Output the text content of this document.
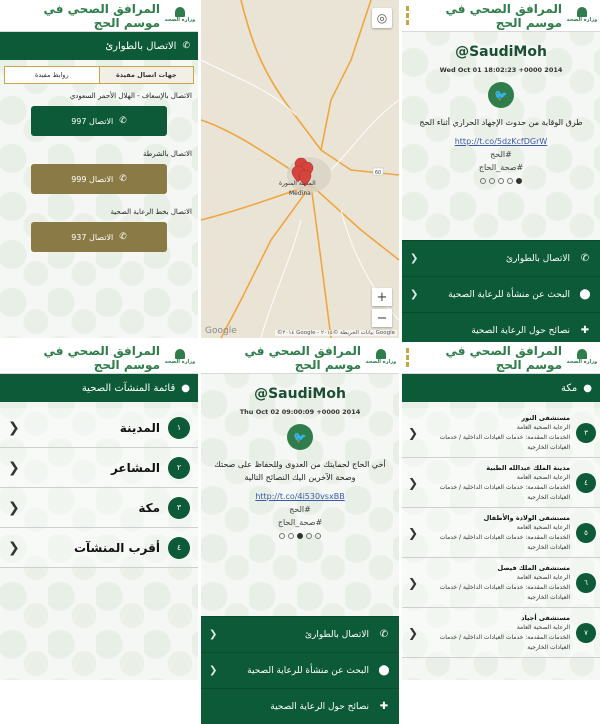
وزارة الصحة
المرافق الصحي في موسم الحج
✆
الاتصال بالطوارئ
جهات اتصال مفيدة
روابط مفيدة
الاتصال بالإسعاف - الهلال الأحمر السعودي
✆
الاتصال 997
الاتصال بالشرطة
✆
الاتصال 999
الاتصال بخط الرعاية الصحية
✆
الاتصال 937
60
المدينة المنورة
Medina
◎
+
−
Google	©٢٠١٤ Google - بيانات الخريطة ©٢٠١٤ Google
وزارة الصحة
المرافق الصحي في موسم الحج
@SaudiMoh
Wed Oct 01 18:02:23 +0000 2014
🐦
طرق الوقاية من حدوث الإجهاد الحراري أثناء الحج
http://t.co/5dzKcfDGrW
#الحج
#صحة_الحاج
✆
الاتصال بالطوارئ
❮
⬤
البحث عن منشأة للرعاية الصحية
❮
✚
نصائح حول الرعاية الصحية
وزارة الصحة
المرافق الصحي في موسم الحج
●
قائمة المنشآت الصحية
١
المدينة
❮
٢
المشاعر
❮
٣
مكة
❮
٤
أقرب المنشآت
❮
وزارة الصحة
المرافق الصحي في موسم الحج
@SaudiMoh
Thu Oct 02 09:00:09 +0000 2014
🐦
أخي الحاج لحمايتك من العدوى وللحفاظ على صحتك وصحة الآخرين اليك النصائح التالية
http://t.co/4i530vsxBB
#الحج
#صحة_الحاج
✆
الاتصال بالطوارئ
❮
⬤
البحث عن منشأة للرعاية الصحية
❮
✚
نصائح حول الرعاية الصحية
وزارة الصحة
المرافق الصحي في موسم الحج
●
مكة
٣
مستشفى النور
الرعاية الصحية العامة
الخدمات المقدمة: خدمات العيادات الداخلية / خدمات العيادات الخارجية
❮
٤
مدينة الملك عبدالله الطبية
الرعاية الصحية العامة
الخدمات المقدمة: خدمات العيادات الداخلية / خدمات العيادات الخارجية
❮
٥
مستشفى الولادة والأطفال
الرعاية الصحية العامة
الخدمات المقدمة: خدمات العيادات الداخلية / خدمات العيادات الخارجية
❮
٦
مستشفى الملك فيصل
الرعاية الصحية العامة
الخدمات المقدمة: خدمات العيادات الداخلية / خدمات العيادات الخارجية
❮
٧
مستشفى أجياد
الرعاية الصحية العامة
الخدمات المقدمة: خدمات العيادات الداخلية / خدمات العيادات الخارجية
❮
